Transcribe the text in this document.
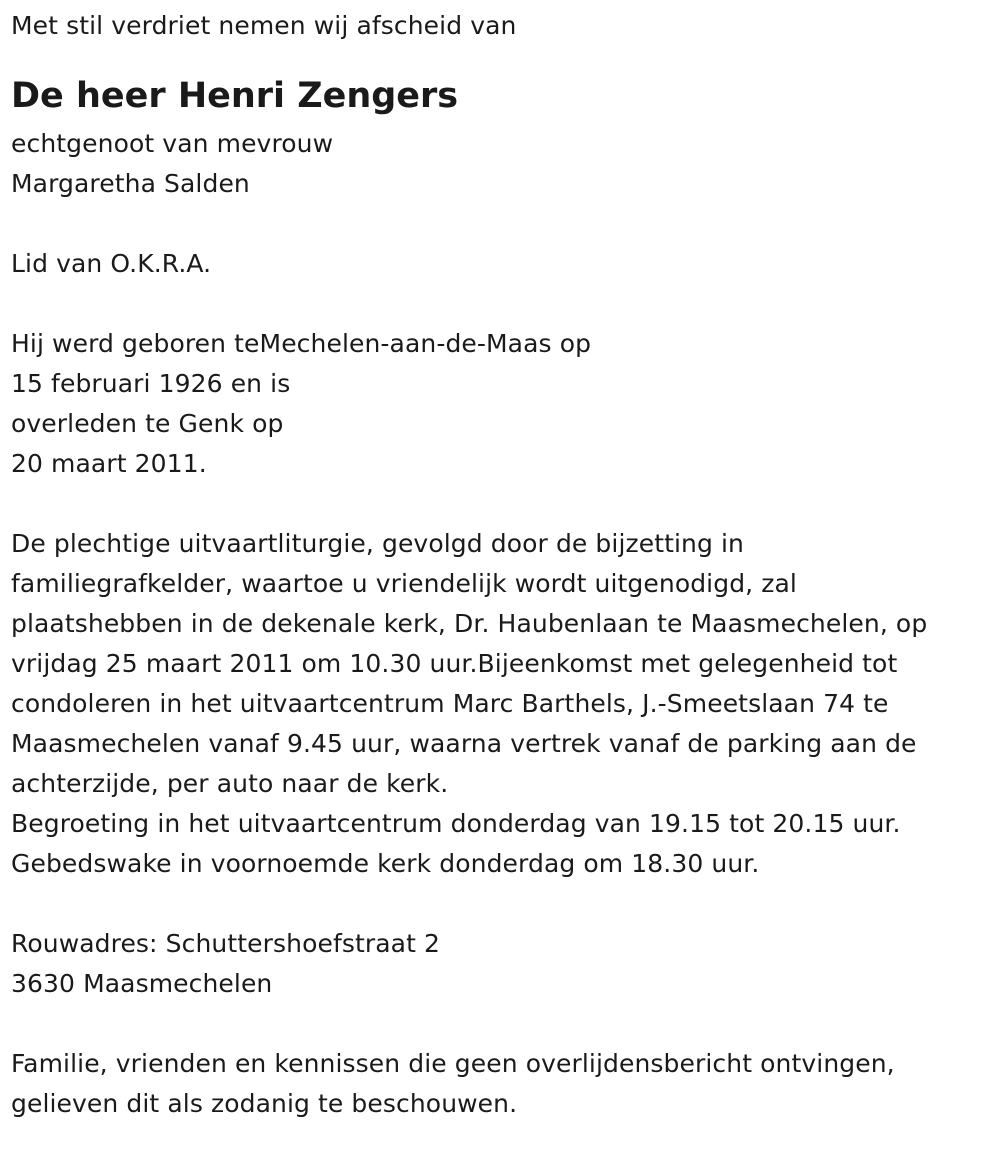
Met stil verdriet nemen wij afscheid van
De heer Henri Zengers
echtgenoot van mevrouw
Margaretha Salden
Lid van O.K.R.A.
Hij werd geboren teMechelen-aan-de-Maas op
15 februari 1926 en is
overleden te Genk op
20 maart 2011.
De plechtige uitvaartliturgie, gevolgd door de bijzetting in
familiegrafkelder, waartoe u vriendelijk wordt uitgenodigd, zal
plaatshebben in de dekenale kerk, Dr. Haubenlaan te Maasmechelen, op
vrijdag 25 maart 2011 om 10.30 uur.Bijeenkomst met gelegenheid tot
condoleren in het uitvaartcentrum Marc Barthels, J.-Smeetslaan 74 te
Maasmechelen vanaf 9.45 uur, waarna vertrek vanaf de parking aan de
achterzijde, per auto naar de kerk.
Begroeting in het uitvaartcentrum donderdag van 19.15 tot 20.15 uur.
Gebedswake in voornoemde kerk donderdag om 18.30 uur.
Rouwadres: Schuttershoefstraat 2
3630 Maasmechelen
Familie, vrienden en kennissen die geen overlijdensbericht ontvingen,
gelieven dit als zodanig te beschouwen.
